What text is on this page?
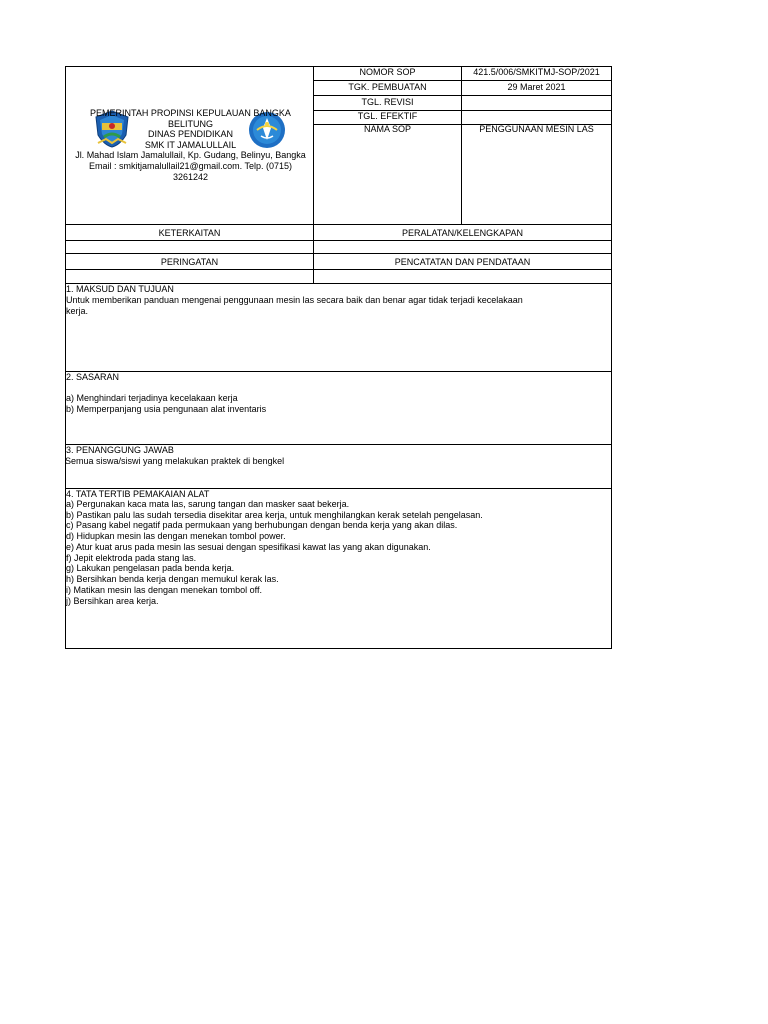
PEMERINTAH PROPINSI KEPULAUAN BANGKA BELITUNG
DINAS PENDIDIKAN
SMK IT JAMALULLAIL
Jl. Mahad Islam Jamalullail, Kp. Gudang, Belinyu, Bangka
Email : smkitjamalullail21@gmail.com. Telp. (0715) 3261242
NOMOR SOP	421.5/006/SMKITMJ-SOP/2021
TGK. PEMBUATAN	29 Maret 2021
TGL. REVISI
TGL. EFEKTIF
NAMA SOP	PENGGUNAAN MESIN LAS
KETERKAITAN	PERALATAN/KELENGKAPAN
PERINGATAN	PENCATATAN DAN PENDATAAN
1. MAKSUD DAN TUJUAN
Untuk memberikan panduan mengenai penggunaan mesin las secara baik dan benar agar tidak terjadi kecelakaan
kerja.
2. SASARAN
a) Menghindari terjadinya kecelakaan kerja
b) Memperpanjang usia pengunaan alat inventaris
3. PENANGGUNG JAWAB
Semua siswa/siswi yang melakukan praktek di bengkel
4. TATA TERTIB PEMAKAIAN ALAT
a) Pergunakan kaca mata las, sarung tangan dan masker saat bekerja.
b) Pastikan palu las sudah tersedia disekitar area kerja, untuk menghilangkan kerak setelah pengelasan.
c) Pasang kabel negatif pada permukaan yang berhubungan dengan benda kerja yang akan dilas.
d) Hidupkan mesin las dengan menekan tombol power.
e) Atur kuat arus pada mesin las sesuai dengan spesifikasi kawat las yang akan digunakan.
f) Jepit elektroda pada stang las.
g) Lakukan pengelasan pada benda kerja.
h) Bersihkan benda kerja dengan memukul kerak las.
i) Matikan mesin las dengan menekan tombol off.
j) Bersihkan area kerja.
